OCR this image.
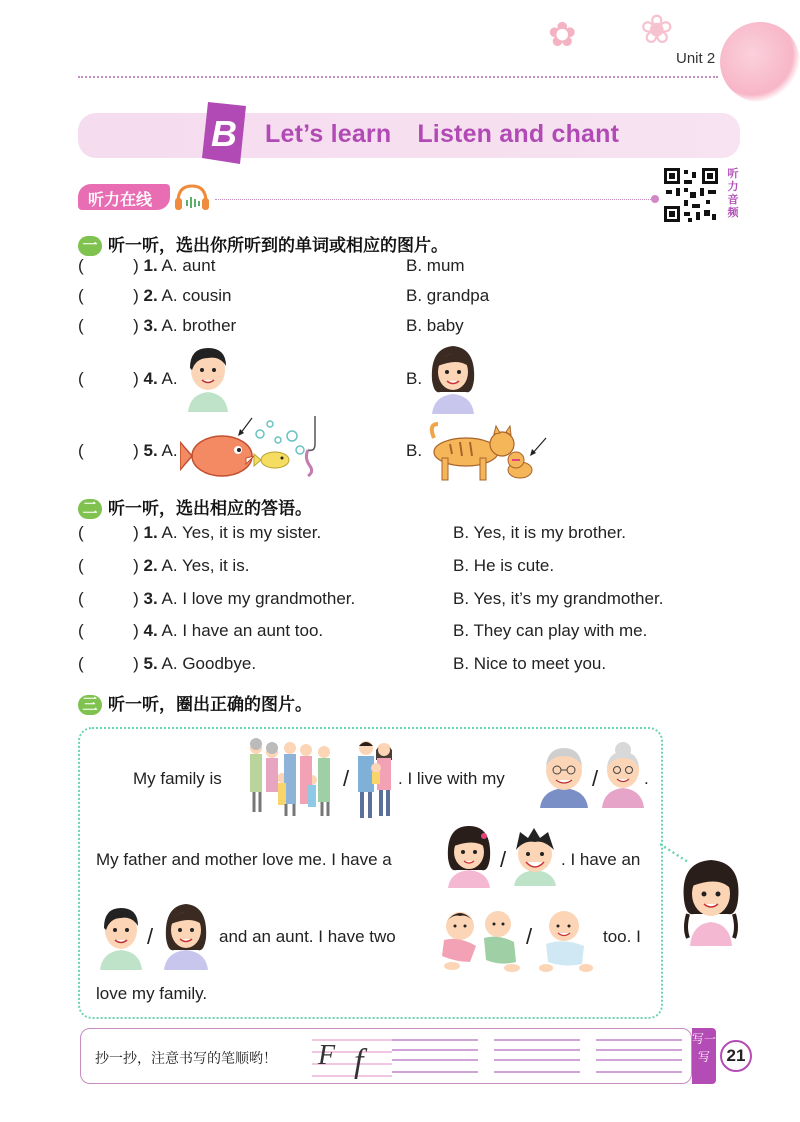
✿ ❀
Unit 2
B Let’s learn Listen and chant
听力在线
听力音频
一 听一听，选出你所听到的单词或相应的图片。
(	) 1. A. aunt	B. mum
(	) 2. A. cousin	B. grandpa
(	) 3. A. brother	B. baby
(	) 4. A.	B.
(	) 5. A.	B.
二 听一听，选出相应的答语。
(	) 1. A. Yes, it is my sister.	B. Yes, it is my brother.
(	) 2. A. Yes, it is.	B. He is cute.
(	) 3. A. I love my grandmother.	B. Yes, it’s my grandmother.
(	) 4. A. I have an aunt too.	B. They can play with me.
(	) 5. A. Goodbye.	B. Nice to meet you.
三 听一听，圈出正确的图片。
My family is	/	. I live with my	/	.
My father and mother love me. I have a	/	. I have an
/	and an aunt. I have two	/	too. I
love my family.
抄一抄，注意书写的笔顺哟！ F f
写一写 21
